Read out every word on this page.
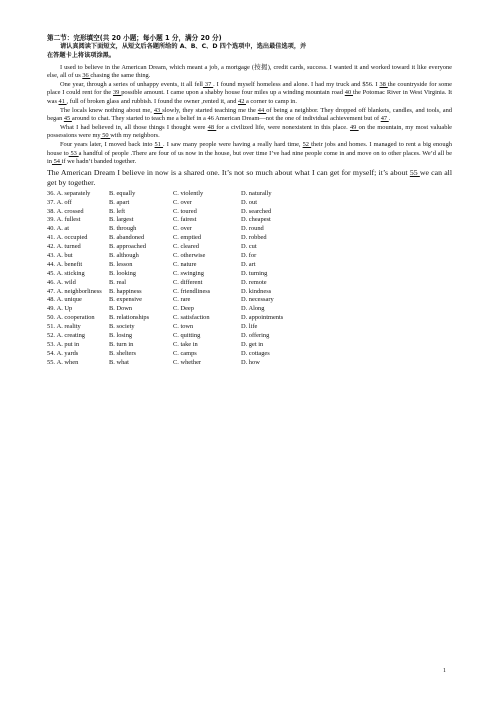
第二节：完形填空(共 20 小题；每小题 1 分，满分 20 分)
请认真阅读下面短文，从短文后各题所给的 A、B、C、D 四个选项中，选出最佳选项，并
在答题卡上将该项涂黑。

I used to believe in the American Dream, which meant a job, a mortgage (按揭), credit cards, success. I wanted it and worked toward it like everyone else, all of us 36 chasing the same thing.

One year, through a series of unhappy events, it all fell 37 . I found myself homeless and alone. I had my truck and $56. I 38 the countryside for some place I could rent for the 39 possible amount. I came upon a shabby house four miles up a winding mountain road 40 the Potomac River in West Virginia. It was 41 , full of broken glass and rubbish. I found the owner ,rented it, and 42 a corner to camp in.

The locals knew nothing about me, 43 slowly, they started teaching me the 44 of being a neighbor. They dropped off blankets, candles, and tools, and began 45 around to chat. They started to teach me a belief in a 46 American Dream—not the one of individual achievement but of 47 .

What I had believed in, all those things I thought were 48 for a civilized life, were nonexistent in this place. 49 on the mountain, my most valuable possessions were my 50 with my neighbors.

Four years later, I moved back into 51 . I saw many people were having a really hard time, 52 their jobs and homes. I managed to rent a big enough house to 53 a handful of people .There are four of us now in the house, but over time I’ve had nine people come in and move on to other places. We’d all be in 54 if we hadn’t banded together.

The American Dream I believe in now is a shared one. It’s not so much about what I can get for myself; it’s about 55 we can all get by together.

36. A. separately	B. equally	C. violently	D. naturally
37. A. off	B. apart	C. over	D. out
38. A. crossed	B. left	C. toured	D. searched
39. A. fullest	B. largest	C. fairest	D. cheapest
40. A. at	B. through	C. over	D. round
41. A. occupied	B. abandoned	C. emptied	D. robbed
42. A. turned	B. approached	C. cleared	D. cut
43. A. but	B. although	C. otherwise	D. for
44. A. benefit	B. lesson	C. nature	D. art
45. A. sticking	B. looking	C. swinging	D. turning
46. A. wild	B. real	C. different	D. remote
47. A. neighborliness	B. happiness	C. friendliness	D. kindness
48. A. unique	B. expensive	C. rare	D. necessary
49. A. Up	B. Down	C. Deep	D. Along
50. A. cooperation	B. relationships	C. satisfaction	D. appointments
51. A. reality	B. society	C. town	D. life
52. A. creating	B. losing	C. quitting	D. offering
53. A. put in	B. turn in	C. take in	D. get in
54. A. yards	B. shelters	C. camps	D. cottages
55. A. when	B. what	C. whether	D. how
1
